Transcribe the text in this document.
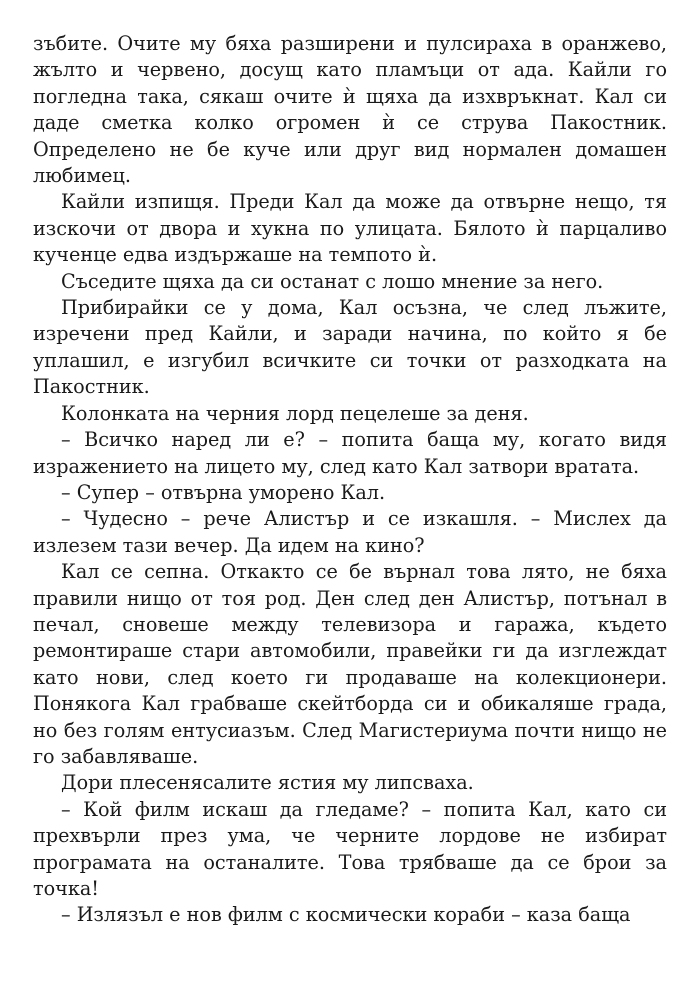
зъбите. Очите му бяха разширени и пулсираха в оранжево, жълто и червено, досущ като пламъци от ада. Кайли го погледна така, сякаш очите ѝ щяха да изхвръкнат. Кал си даде сметка колко огромен ѝ се струва Пакостник. Определено не бе куче или друг вид нормален домашен любимец.

Кайли изпищя. Преди Кал да може да отвърне нещо, тя изскочи от двора и хукна по улицата. Бялото ѝ парцаливо кученце едва издържаше на темпото ѝ.

Съседите щяха да си останат с лошо мнение за него.

Прибирайки се у дома, Кал осъзна, че след лъжите, изречени пред Кайли, и заради начина, по който я бе уплашил, е изгубил всичките си точки от разходката на Пакостник.

Колонката на черния лорд пецелеше за деня.

– Всичко наред ли е? – попита баща му, когато видя изражението на лицето му, след като Кал затвори вратата.

– Супер – отвърна уморено Кал.

– Чудесно – рече Алистър и се изкашля. – Мислех да излезем тази вечер. Да идем на кино?

Кал се сепна. Откакто се бе върнал това лято, не бяха правили нищо от тоя род. Ден след ден Алистър, потънал в печал, сновеше между телевизора и гаража, където ремонтираше стари автомобили, правейки ги да изглеждат като нови, след което ги продаваше на колекционери. Понякога Кал грабваше скейтборда си и обикаляше града, но без голям ентусиазъм. След Магистериума почти нищо не го забавляваше.

Дори плесенясалите ястия му липсваха.

– Кой филм искаш да гледаме? – попита Кал, като си прехвърли през ума, че черните лордове не избират програмата на останалите. Това трябваше да се брои за точка!

– Излязъл е нов филм с космически кораби – каза баща
